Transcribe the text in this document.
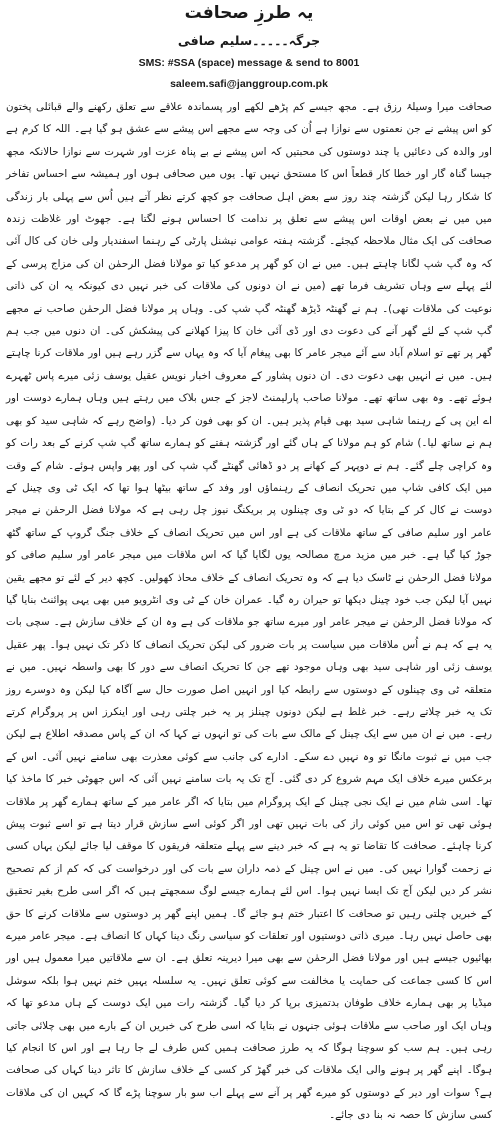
یہ طرزِ صحافت
جرگہ۔۔۔۔۔سلیم صافی
SMS: #SSA (space) message & send to 8001
saleem.safi@janggroup.com.pk

صحافت میرا وسیلۂ رزق ہے۔ مجھ جیسے کم پڑھے لکھے اور پسماندہ علاقے سے تعلق رکھنے والے قبائلی پختون کو اس پیشے نے جن نعمتوں سے نوازا ہے اُن کی وجہ سے مجھے اس پیشے سے عشق ہو گیا ہے۔ اللہ کا کرم ہے اور والدہ کی دعائیں یا چند دوستوں کی محبتیں کہ اس پیشے نے بے پناہ عزت اور شہرت سے نوازا حالانکہ مجھ جیسا گناہ گار اور خطا کار قطعاً اس کا مستحق نہیں تھا۔ یوں میں صحافی ہوں اور ہمیشہ سے احساس تفاخر کا شکار رہا لیکن گزشتہ چند روز سے بعض اہل صحافت جو کچھ کرتے نظر آتے ہیں اُس سے پہلی بار زندگی میں میں نے بعض اوقات اس پیشے سے تعلق پر ندامت کا احساس ہونے لگتا ہے۔ جھوٹ اور غلاظت زندہ صحافت کی ایک مثال ملاحظہ کیجئے۔ گزشتہ ہفتہ عوامی نیشنل پارٹی کے رہنما اسفندیار ولی خان کی کال آئی کہ وہ گپ شپ لگانا چاہتے ہیں۔ میں نے ان کو گھر پر مدعو کیا تو مولانا فضل الرحمٰن ان کی مزاج پرسی کے لئے پہلے سے وہاں تشریف فرما تھے (میں نے ان دونوں کی ملاقات کی خبر نہیں دی کیونکہ یہ ان کی ذاتی نوعیت کی ملاقات تھی)۔ ہم نے گھنٹہ ڈیڑھ گھنٹہ گپ شپ کی۔ وہاں پر مولانا فضل الرحمٰن صاحب نے مجھے گپ شپ کے لئے گھر آنے کی دعوت دی اور ڈی آئی خان کا پیزا کھلانے کی پیشکش کی۔ ان دنوں میں جب ہم گھر پر تھے تو اسلام آباد سے آئے میجر عامر کا بھی پیغام آیا کہ وہ یہاں سے گزر رہے ہیں اور ملاقات کرنا چاہتے ہیں۔ میں نے انہیں بھی دعوت دی۔ ان دنوں پشاور کے معروف اخبار نویس عقیل یوسف زئی میرے پاس ٹھہرے ہوئے تھے۔ وہ بھی ساتھ تھے۔ مولانا صاحب پارلیمنٹ لاجز کے جس بلاک میں رہتے ہیں وہاں ہمارے دوست اور اے این پی کے رہنما شاہی سید بھی قیام پذیر ہیں۔ ان کو بھی فون کر دیا۔ (واضح رہے کہ شاہی سید کو بھی ہم نے ساتھ لیا۔) شام کو ہم مولانا کے ہاں گئے اور گزشتہ ہفتے کو ہمارے ساتھ گپ شپ کرنے کے بعد رات کو وہ کراچی چلے گئے۔ ہم نے دوپہر کے کھانے پر دو ڈھائی گھنٹے گپ شپ کی اور پھر واپس ہوئے۔ شام کے وقت میں ایک کافی شاپ میں تحریک انصاف کے رہنماؤں اور وفد کے ساتھ بیٹھا ہوا تھا کہ ایک ٹی وی چینل کے دوست نے کال کر کے بتایا کہ دو ٹی وی چینلوں پر بریکنگ نیوز چل رہی ہے کہ مولانا فضل الرحمٰن نے میجر عامر اور سلیم صافی کے ساتھ ملاقات کی ہے اور اس میں تحریک انصاف کے خلاف جنگ گروپ کے ساتھ گٹھ جوڑ کیا گیا ہے۔ خبر میں مزید مرچ مصالحہ یوں لگایا گیا کہ اس ملاقات میں میجر عامر اور سلیم صافی کو مولانا فضل الرحمٰن نے ٹاسک دیا ہے کہ وہ تحریک انصاف کے خلاف محاذ کھولیں۔ کچھ دیر کے لئے تو مجھے یقین نہیں آیا لیکن جب خود چینل دیکھا تو حیران رہ گیا۔ عمران خان کے ٹی وی انٹرویو میں بھی یہی پوائنٹ بنایا گیا کہ مولانا فضل الرحمٰن نے میجر عامر اور میرے ساتھ جو ملاقات کی ہے وہ ان کے خلاف سازش ہے۔ سچی بات یہ ہے کہ ہم نے اُس ملاقات میں سیاست پر بات ضرور کی لیکن تحریک انصاف کا ذکر تک نہیں ہوا۔ پھر عقیل یوسف زئی اور شاہی سید بھی وہاں موجود تھے جن کا تحریک انصاف سے دور کا بھی واسطہ نہیں۔ میں نے متعلقہ ٹی وی چینلوں کے دوستوں سے رابطہ کیا اور انہیں اصل صورت حال سے آگاہ کیا لیکن وہ دوسرے روز تک یہ خبر چلاتے رہے۔ خبر غلط ہے لیکن دونوں چینلز پر یہ خبر چلتی رہی اور اینکرز اس پر پروگرام کرتے رہے۔ میں نے ان میں سے ایک چینل کے مالک سے بات کی تو انہوں نے کہا کہ ان کے پاس مصدقہ اطلاع ہے لیکن جب میں نے ثبوت مانگا تو وہ نہیں دے سکے۔ ادارے کی جانب سے کوئی معذرت بھی سامنے نہیں آئی۔ اس کے برعکس میرے خلاف ایک مہم شروع کر دی گئی۔ آج تک یہ بات سامنے نہیں آئی کہ اس جھوٹی خبر کا ماخذ کیا تھا۔ اسی شام میں نے ایک نجی چینل کے ایک پروگرام میں بتایا کہ اگر عامر میر کے ساتھ ہمارے گھر پر ملاقات ہوئی تھی تو اس میں کوئی راز کی بات نہیں تھی اور اگر کوئی اسے سازش قرار دیتا ہے تو اسے ثبوت پیش کرنا چاہئے۔ صحافت کا تقاضا تو یہ ہے کہ خبر دینے سے پہلے متعلقہ فریقوں کا موقف لیا جائے لیکن یہاں کسی نے زحمت گوارا نہیں کی۔ میں نے اس چینل کے ذمہ داران سے بات کی اور درخواست کی کہ کم از کم تصحیح نشر کر دیں لیکن آج تک ایسا نہیں ہوا۔ اس لئے ہمارے جیسے لوگ سمجھتے ہیں کہ اگر اسی طرح بغیر تحقیق کے خبریں چلتی رہیں تو صحافت کا اعتبار ختم ہو جائے گا۔ ہمیں اپنے گھر پر دوستوں سے ملاقات کرنے کا حق بھی حاصل نہیں رہا۔ میری ذاتی دوستیوں اور تعلقات کو سیاسی رنگ دینا کہاں کا انصاف ہے۔ میجر عامر میرے بھائیوں جیسے ہیں اور مولانا فضل الرحمٰن سے بھی میرا دیرینہ تعلق ہے۔ ان سے ملاقاتیں میرا معمول ہیں اور اس کا کسی جماعت کی حمایت یا مخالفت سے کوئی تعلق نہیں۔ یہ سلسلہ یہیں ختم نہیں ہوا بلکہ سوشل میڈیا پر بھی ہمارے خلاف طوفان بدتمیزی برپا کر دیا گیا۔ گزشتہ رات میں ایک دوست کے ہاں مدعو تھا کہ وہاں ایک اور صاحب سے ملاقات ہوئی جنہوں نے بتایا کہ اسی طرح کی خبریں ان کے بارے میں بھی چلائی جاتی رہی ہیں۔ ہم سب کو سوچنا ہوگا کہ یہ طرز صحافت ہمیں کس طرف لے جا رہا ہے اور اس کا انجام کیا ہوگا۔ اپنے گھر پر ہونے والی ایک ملاقات کی خبر گھڑ کر کسی کے خلاف سازش کا تاثر دینا کہاں کی صحافت ہے؟ سوات اور دیر کے دوستوں کو میرے گھر پر آنے سے پہلے اب سو بار سوچنا پڑے گا کہ کہیں ان کی ملاقات کسی سازش کا حصہ نہ بنا دی جائے۔
